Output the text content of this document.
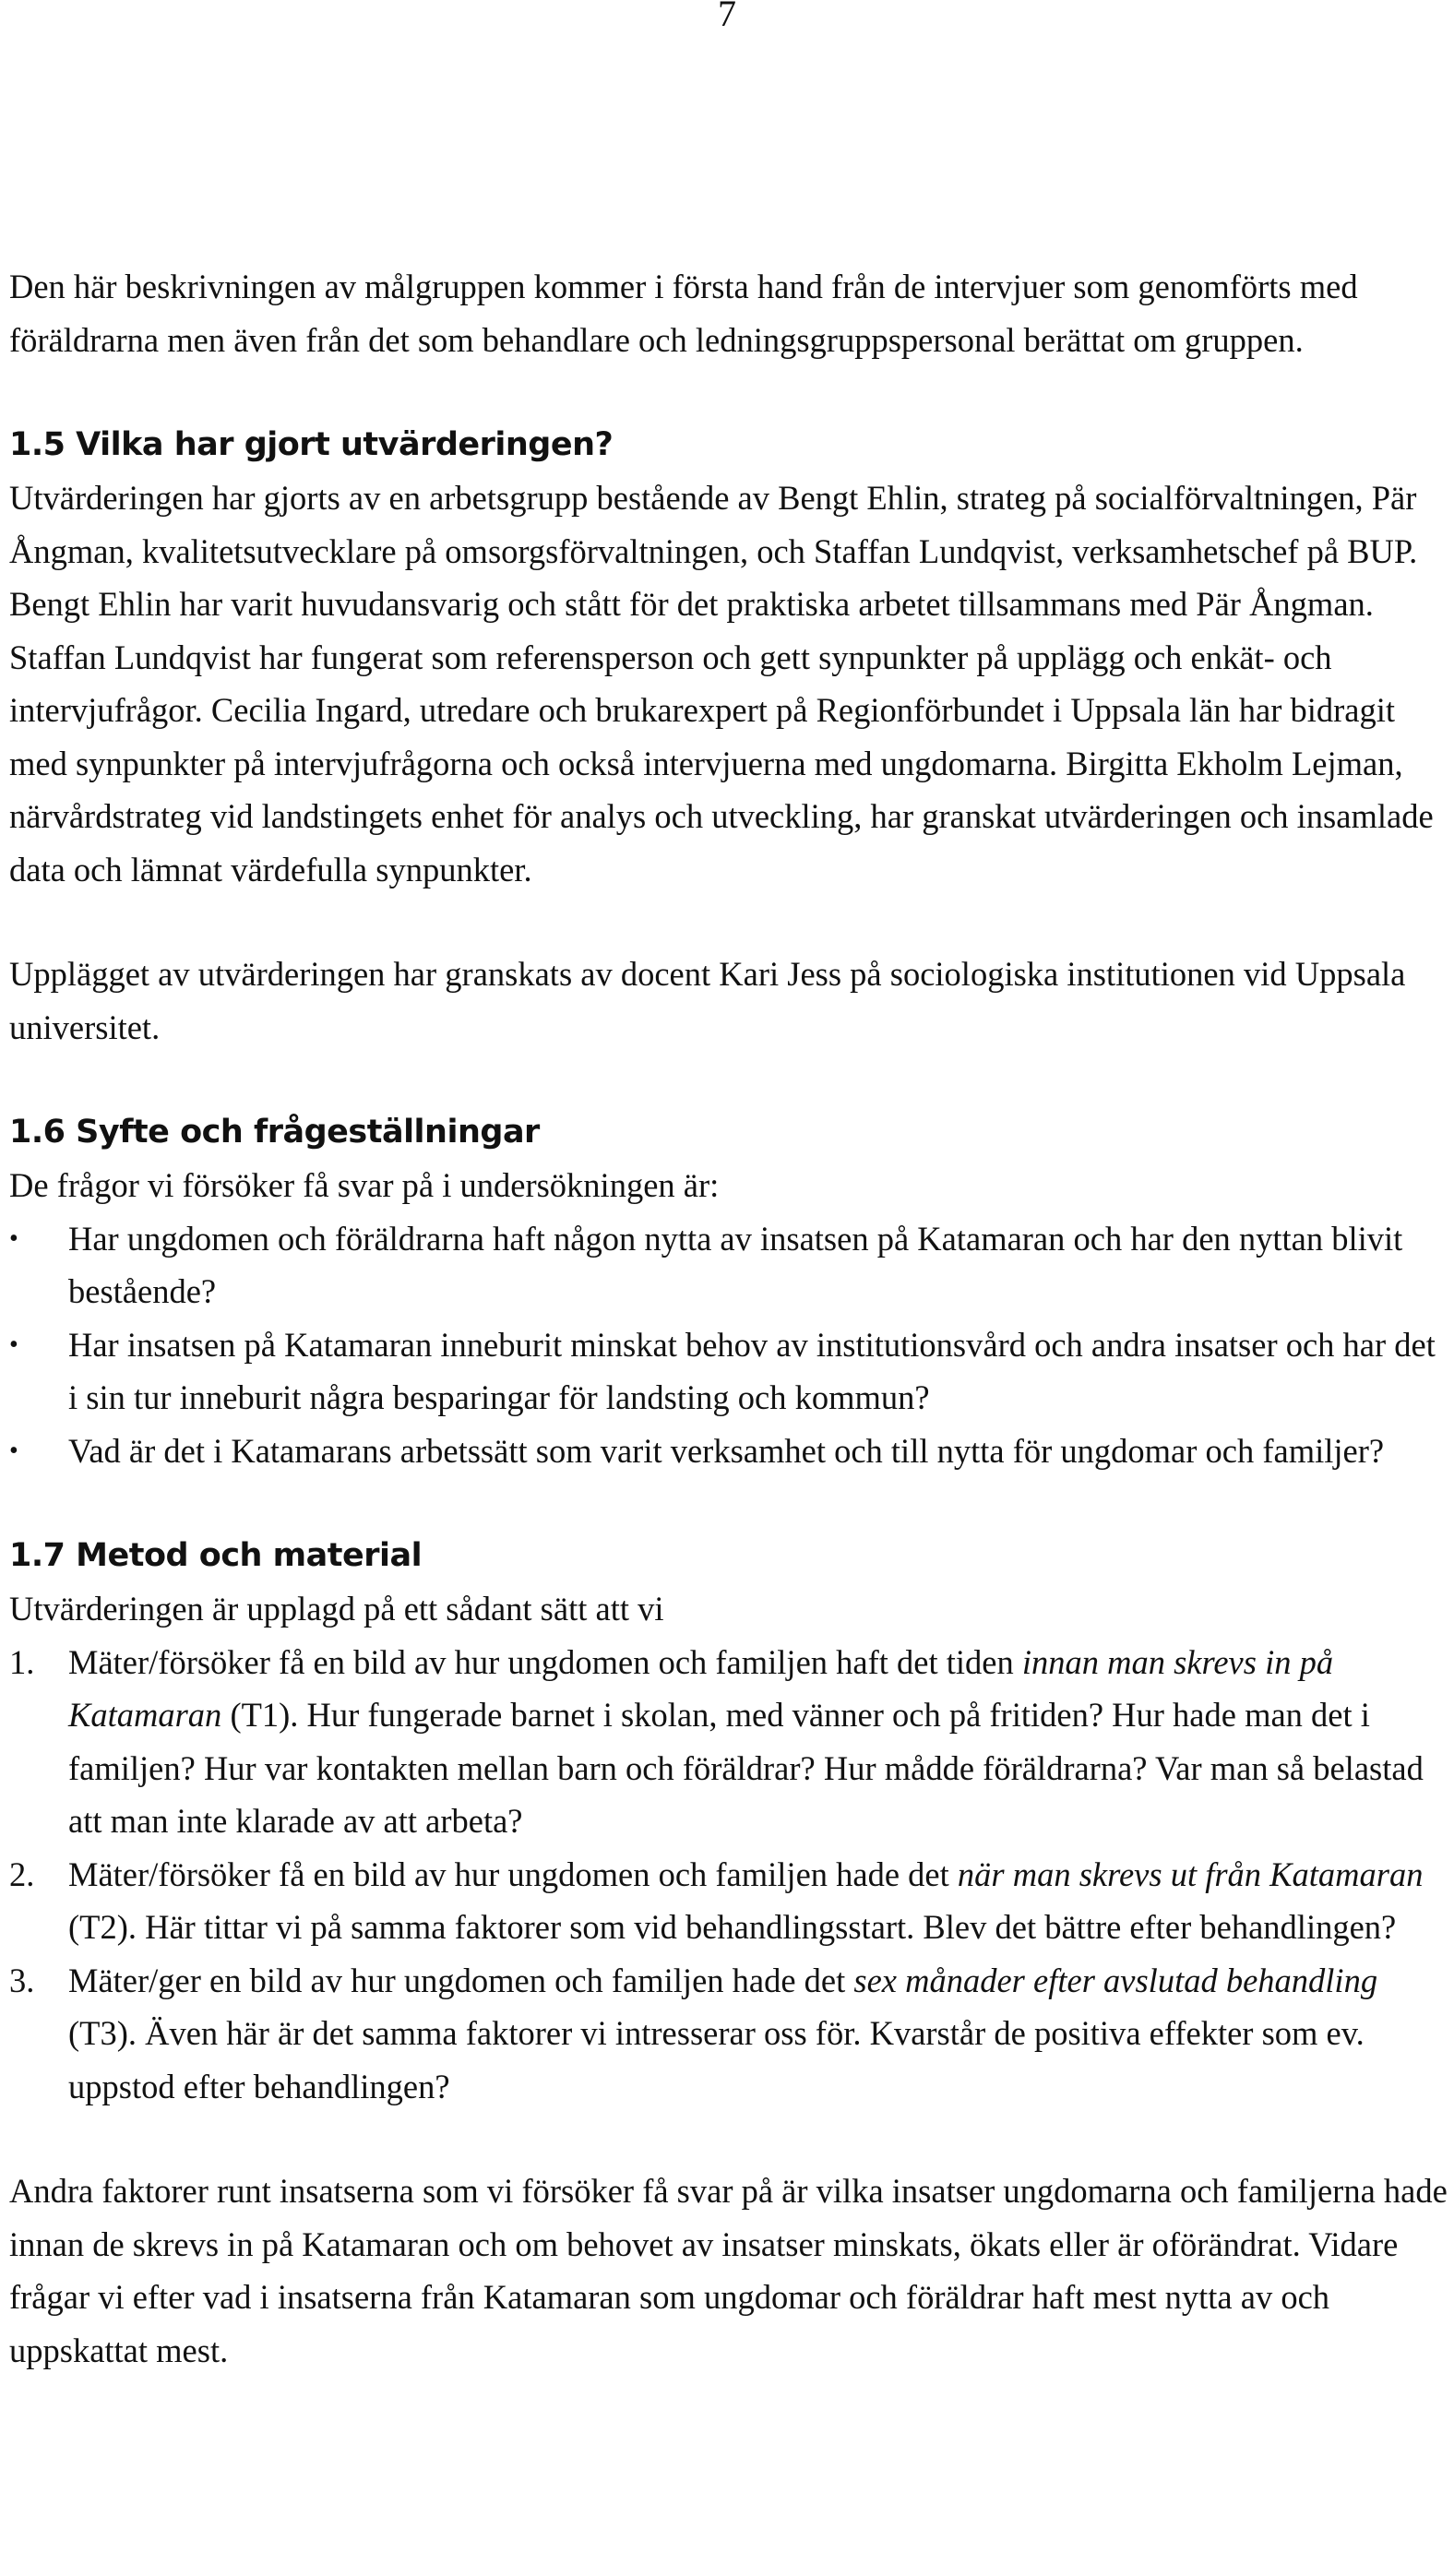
7

Den här beskrivningen av målgruppen kommer i första hand från de intervjuer som genomförts med föräldrarna men även från det som behandlare och ledningsgruppspersonal berättat om gruppen.

1.5 Vilka har gjort utvärderingen?

Utvärderingen har gjorts av en arbetsgrupp bestående av Bengt Ehlin, strateg på socialförvaltningen, Pär Ångman, kvalitetsutvecklare på omsorgsförvaltningen, och Staffan Lundqvist, verksamhetschef på BUP. Bengt Ehlin har varit huvudansvarig och stått för det praktiska arbetet tillsammans med Pär Ångman. Staffan Lundqvist har fungerat som referensperson och gett synpunkter på upplägg och enkät- och intervjufrågor. Cecilia Ingard, utredare och brukarexpert på Regionförbundet i Uppsala län har bidragit med synpunkter på intervjufrågorna och också intervjuerna med ungdomarna. Birgitta Ekholm Lejman, närvårdstrateg vid landstingets enhet för analys och utveckling, har granskat utvärderingen och insamlade data och lämnat värdefulla synpunkter.

Upplägget av utvärderingen har granskats av docent Kari Jess på sociologiska institutionen vid Uppsala universitet.

1.6 Syfte och frågeställningar

De frågor vi försöker få svar på i undersökningen är:

•	Har ungdomen och föräldrarna haft någon nytta av insatsen på Katamaran och har den nyttan blivit bestående?
•	Har insatsen på Katamaran inneburit minskat behov av institutionsvård och andra insatser och har det i sin tur inneburit några besparingar för landsting och kommun?
•	Vad är det i Katamarans arbetssätt som varit verksamhet och till nytta för ungdomar och familjer?
1.7 Metod och material

Utvärderingen är upplagd på ett sådant sätt att vi

1.	Mäter/försöker få en bild av hur ungdomen och familjen haft det tiden innan man skrevs in på Katamaran (T1). Hur fungerade barnet i skolan, med vänner och på fritiden? Hur hade man det i familjen? Hur var kontakten mellan barn och föräldrar? Hur mådde föräldrarna? Var man så belastad att man inte klarade av att arbeta?
2.	Mäter/försöker få en bild av hur ungdomen och familjen hade det när man skrevs ut från Katamaran (T2). Här tittar vi på samma faktorer som vid behandlingsstart. Blev det bättre efter behandlingen?
3.	Mäter/ger en bild av hur ungdomen och familjen hade det sex månader efter avslutad behandling (T3). Även här är det samma faktorer vi intresserar oss för. Kvarstår de positiva effekter som ev. uppstod efter behandlingen?

Andra faktorer runt insatserna som vi försöker få svar på är vilka insatser ungdomarna och familjerna hade innan de skrevs in på Katamaran och om behovet av insatser minskats, ökats eller är oförändrat. Vidare frågar vi efter vad i insatserna från Katamaran som ungdomar och föräldrar haft mest nytta av och uppskattat mest.
